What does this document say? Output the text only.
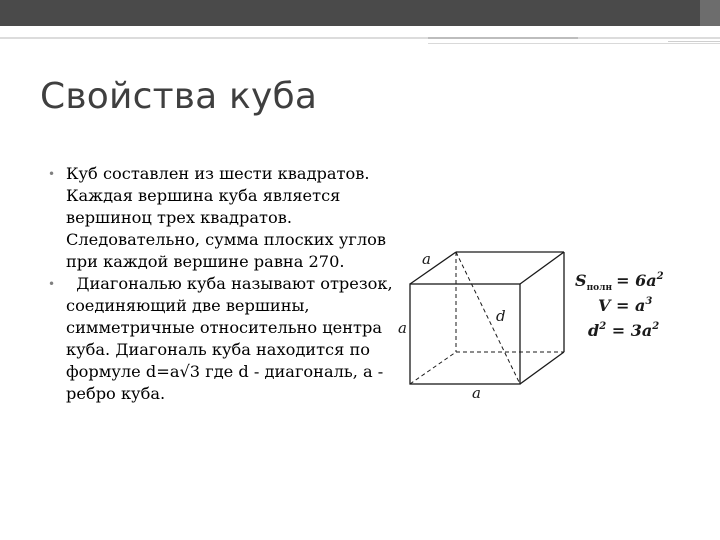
Свойства куба
• Куб составлен из шести квадратов. Каждая вершина куба является вершиноц трех квадратов. Следовательно, сумма плоских углов при каждой вершине равна 270.
• Диагональю куба называют отрезок, соединяющий две вершины, симметричные относительно центра куба. Диагональ куба находится по формуле d=a√3 где d - диагональ, a - ребро куба.
a
a
d
a
$S_{полн} = 6a^2$
$V = a^3$
$d^2 = 3a^2$
